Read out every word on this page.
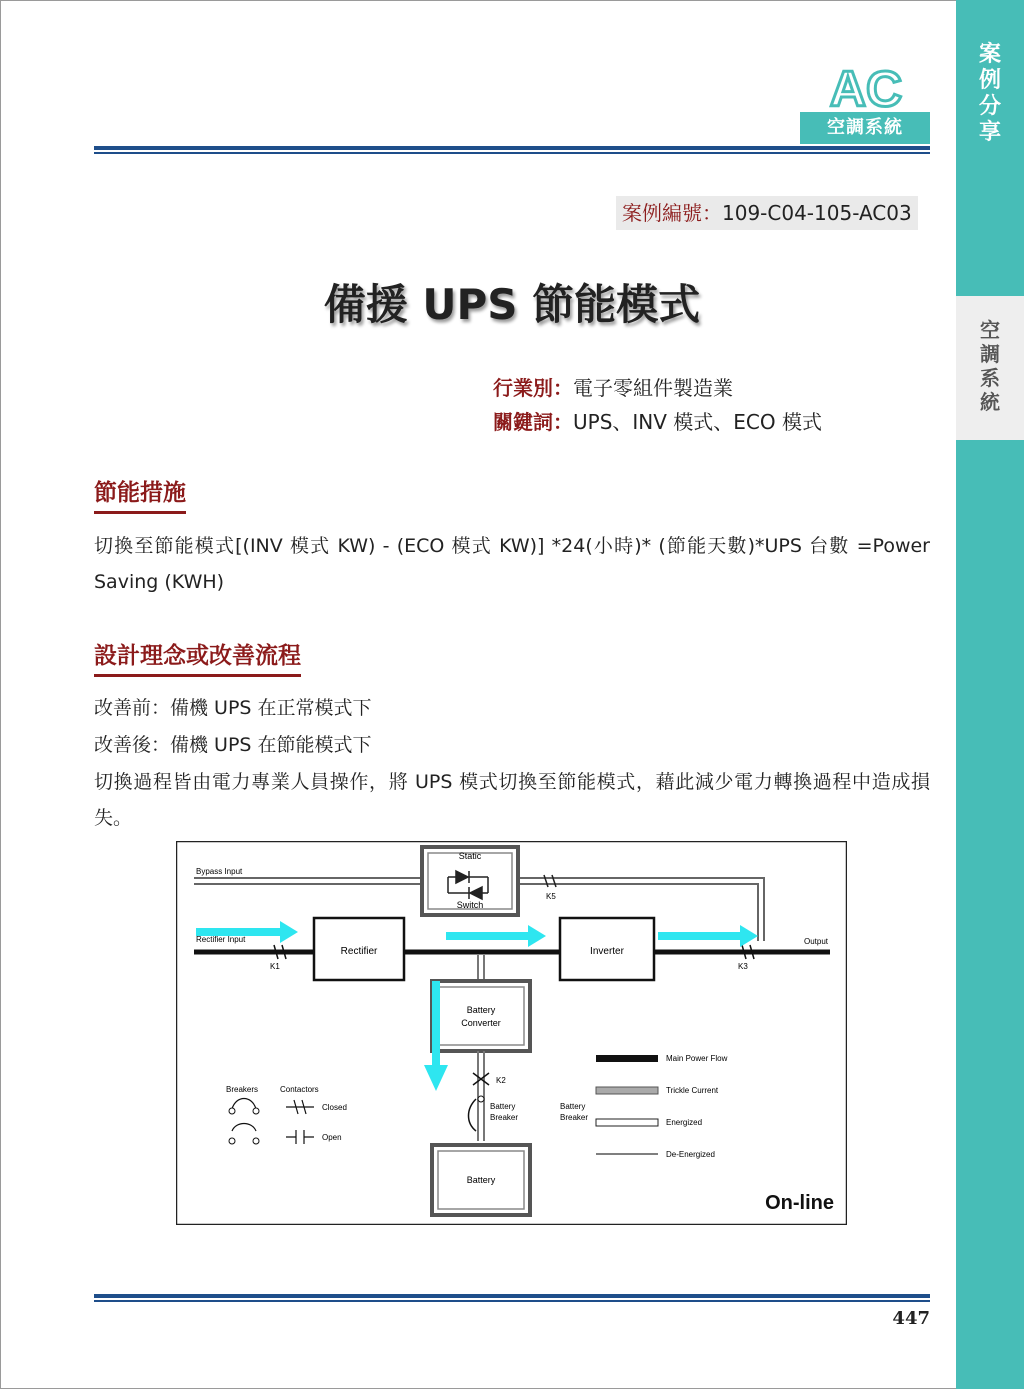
案
例
分
享
空
調
系
統
AC
空調系統
案例編號：109-C04-105-AC03
備援 UPS 節能模式
行業別：電子零組件製造業
關鍵詞：UPS、INV 模式、ECO 模式
節能措施
切換至節能模式[(INV 模式 KW) - (ECO 模式 KW)] *24(小時)* (節能天數)*UPS 台數 =Power Saving (KWH)
設計理念或改善流程
改善前：備機 UPS 在正常模式下
改善後：備機 UPS 在節能模式下
切換過程皆由電力專業人員操作，將 UPS 模式切換至節能模式，藉此減少電力轉換過程中造成損失。
Static
Switch
Bypass Input
K5
Rectifier	Inverter
Rectifier Input	Output
K1	K3
Battery
Converter
K2
Battery
Breaker
Battery
Breakers	Contactors
Closed
Open
Battery
Breaker
Main Power Flow
Trickle Current
Energized
De-Energized
On-line
447
